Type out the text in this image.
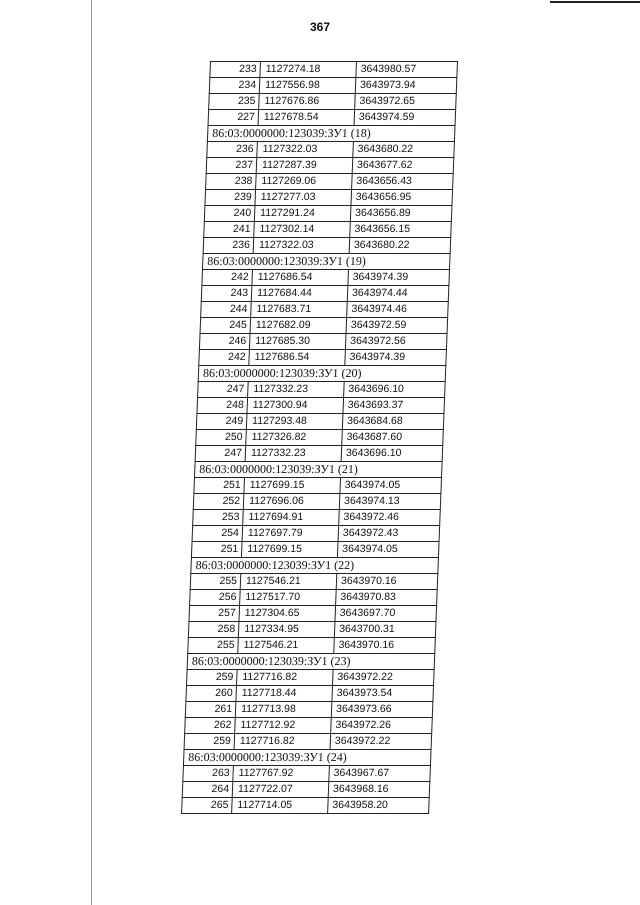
367
233	1127274.18	3643980.57
234	1127556.98	3643973.94
235	1127676.86	3643972.65
227	1127678.54	3643974.59
86:03:0000000:123039:ЗУ1 (18)		
236	1127322.03	3643680.22
237	1127287.39	3643677.62
238	1127269.06	3643656.43
239	1127277.03	3643656.95
240	1127291.24	3643656.89
241	1127302.14	3643656.15
236	1127322.03	3643680.22
86:03:0000000:123039:ЗУ1 (19)		
242	1127686.54	3643974.39
243	1127684.44	3643974.44
244	1127683.71	3643974.46
245	1127682.09	3643972.59
246	1127685.30	3643972.56
242	1127686.54	3643974.39
86:03:0000000:123039:ЗУ1 (20)		
247	1127332.23	3643696.10
248	1127300.94	3643693.37
249	1127293.48	3643684.68
250	1127326.82	3643687.60
247	1127332.23	3643696.10
86:03:0000000:123039:ЗУ1 (21)		
251	1127699.15	3643974.05
252	1127696.06	3643974.13
253	1127694.91	3643972.46
254	1127697.79	3643972.43
251	1127699.15	3643974.05
86:03:0000000:123039:ЗУ1 (22)		
255	1127546.21	3643970.16
256	1127517.70	3643970.83
257	1127304.65	3643697.70
258	1127334.95	3643700.31
255	1127546.21	3643970.16
86:03:0000000:123039:ЗУ1 (23)		
259	1127716.82	3643972.22
260	1127718.44	3643973.54
261	1127713.98	3643973.66
262	1127712.92	3643972.26
259	1127716.82	3643972.22
86:03:0000000:123039:ЗУ1 (24)		
263	1127767.92	3643967.67
264	1127722.07	3643968.16
265	1127714.05	3643958.20
